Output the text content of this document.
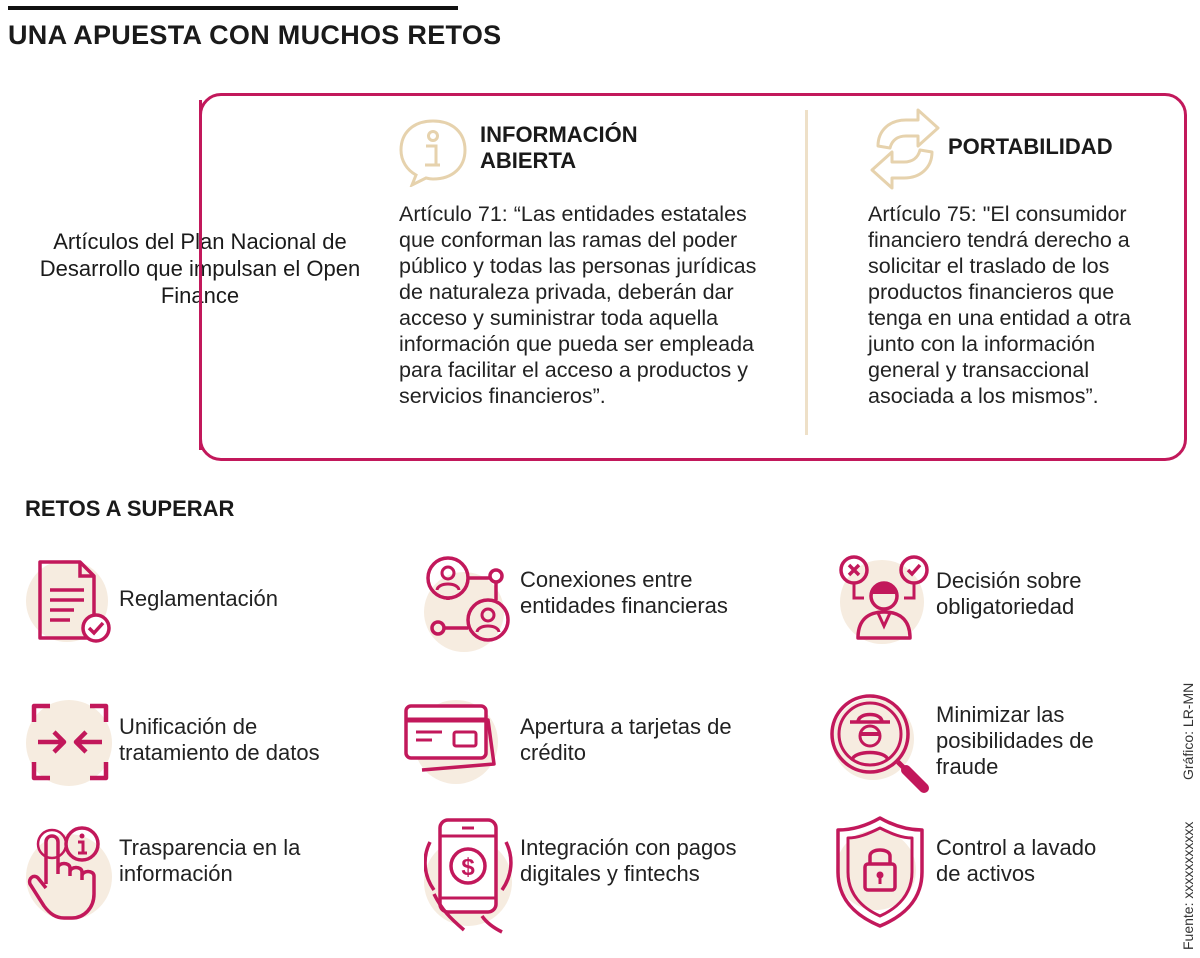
UNA APUESTA CON MUCHOS RETOS
Artículos del Plan Nacional de Desarrollo que impulsan el Open Finance
INFORMACIÓN ABIERTA
Artículo 71: “Las entidades estatales que conforman las ramas del poder público y todas las personas jurídicas de naturaleza privada, deberán dar acceso y suministrar toda aquella información que pueda ser empleada para facilitar el acceso a productos y servicios financieros”.
PORTABILIDAD
Artículo 75: "El consumidor financiero tendrá derecho a solicitar el traslado de los productos financieros que tenga en una entidad a otra junto con la información general y transaccional asociada a los mismos”.
RETOS A SUPERAR
Reglamentación
Conexiones entre entidades financieras
Decisión sobre obligatoriedad
Unificación de tratamiento de datos
Apertura a tarjetas de crédito
Minimizar las posibilidades de fraude
Trasparencia en la información	$
Integración con pagos digitales y fintechs
Control a lavado de activos
Gráfico: LR-MN
Fuente: xxxxxxxxxxx
